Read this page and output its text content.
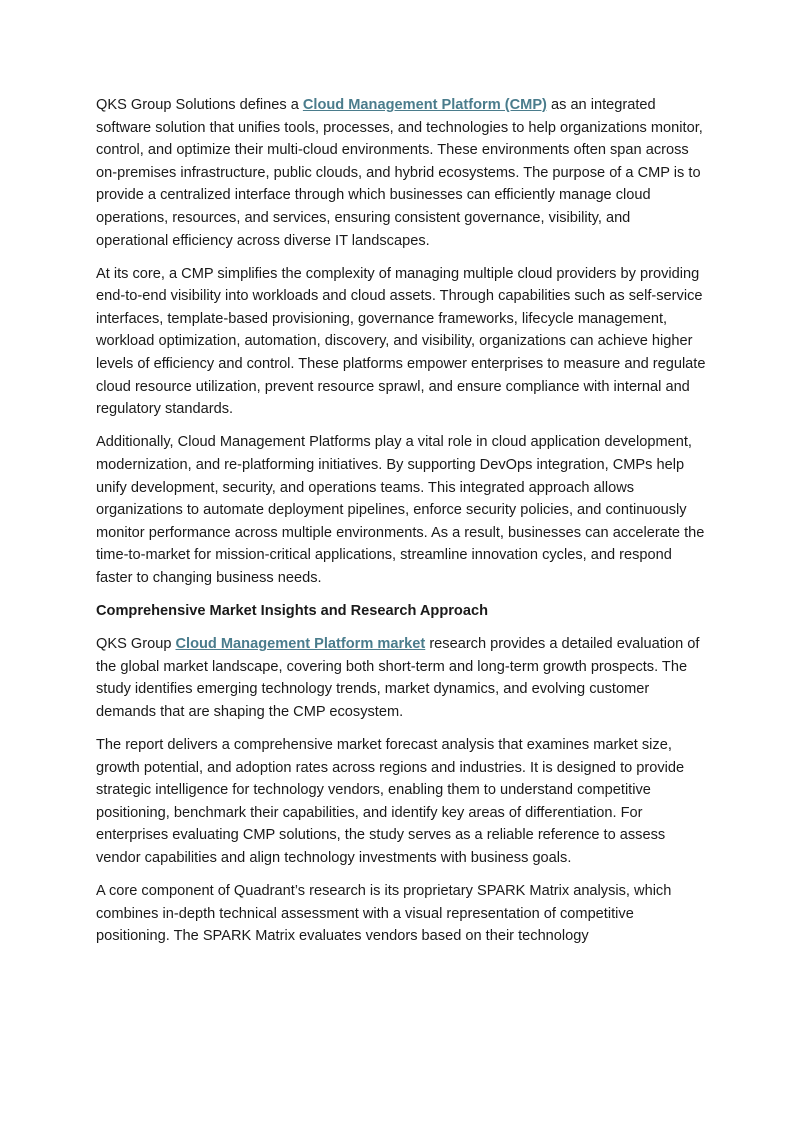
QKS Group Solutions defines a Cloud Management Platform (CMP) as an integrated software solution that unifies tools, processes, and technologies to help organizations monitor, control, and optimize their multi-cloud environments. These environments often span across on-premises infrastructure, public clouds, and hybrid ecosystems. The purpose of a CMP is to provide a centralized interface through which businesses can efficiently manage cloud operations, resources, and services, ensuring consistent governance, visibility, and operational efficiency across diverse IT landscapes.

At its core, a CMP simplifies the complexity of managing multiple cloud providers by providing end-to-end visibility into workloads and cloud assets. Through capabilities such as self-service interfaces, template-based provisioning, governance frameworks, lifecycle management, workload optimization, automation, discovery, and visibility, organizations can achieve higher levels of efficiency and control. These platforms empower enterprises to measure and regulate cloud resource utilization, prevent resource sprawl, and ensure compliance with internal and regulatory standards.

Additionally, Cloud Management Platforms play a vital role in cloud application development, modernization, and re-platforming initiatives. By supporting DevOps integration, CMPs help unify development, security, and operations teams. This integrated approach allows organizations to automate deployment pipelines, enforce security policies, and continuously monitor performance across multiple environments. As a result, businesses can accelerate the time-to-market for mission-critical applications, streamline innovation cycles, and respond faster to changing business needs.

Comprehensive Market Insights and Research Approach

QKS Group Cloud Management Platform market research provides a detailed evaluation of the global market landscape, covering both short-term and long-term growth prospects. The study identifies emerging technology trends, market dynamics, and evolving customer demands that are shaping the CMP ecosystem.

The report delivers a comprehensive market forecast analysis that examines market size, growth potential, and adoption rates across regions and industries. It is designed to provide strategic intelligence for technology vendors, enabling them to understand competitive positioning, benchmark their capabilities, and identify key areas of differentiation. For enterprises evaluating CMP solutions, the study serves as a reliable reference to assess vendor capabilities and align technology investments with business goals.

A core component of Quadrant’s research is its proprietary SPARK Matrix analysis, which combines in-depth technical assessment with a visual representation of competitive positioning. The SPARK Matrix evaluates vendors based on their technology
